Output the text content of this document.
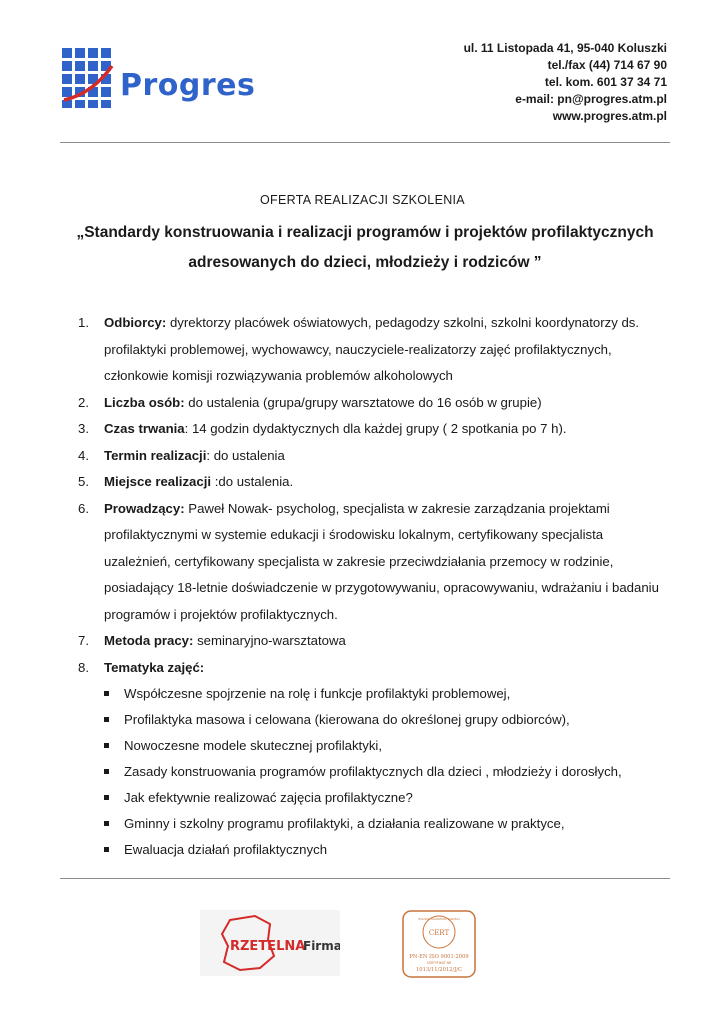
Progres
ul. 11 Listopada 41, 95-040 Koluszki
tel./fax (44) 714 67 90
tel. kom. 601 37 34 71
e-mail: pn@progres.atm.pl
www.progres.atm.pl
OFERTA REALIZACJI SZKOLENIA
„Standardy konstruowania i realizacji programów i projektów profilaktycznych
adresowanych do dzieci, młodzieży i rodziców ”
1. Odbiorcy: dyrektorzy placówek oświatowych, pedagodzy szkolni, szkolni koordynatorzy ds.
profilaktyki problemowej, wychowawcy, nauczyciele-realizatorzy zajęć profilaktycznych,
członkowie komisji rozwiązywania problemów alkoholowych
2. Liczba osób: do ustalenia (grupa/grupy warsztatowe do 16 osób w grupie)
3. Czas trwania: 14 godzin dydaktycznych dla każdej grupy ( 2 spotkania po 7 h).
4. Termin realizacji: do ustalenia
5. Miejsce realizacji :do ustalenia.
6. Prowadzący: Paweł Nowak- psycholog, specjalista w zakresie zarządzania projektami
profilaktycznymi w systemie edukacji i środowisku lokalnym, certyfikowany specjalista
uzależnień, certyfikowany specjalista w zakresie przeciwdziałania przemocy w rodzinie,
posiadający 18-letnie doświadczenie w przygotowywaniu, opracowywaniu, wdrażaniu i badaniu
programów i projektów profilaktycznych.
7. Metoda pracy: seminaryjno-warsztatowa
8. Tematyka zajęć:
Współczesne spojrzenie na rolę i funkcje profilaktyki problemowej,
Profilaktyka masowa i celowana (kierowana do określonej grupy odbiorców),
Nowoczesne modele skutecznej profilaktyki,
Zasady konstruowania programów profilaktycznych dla dzieci , młodzieży i dorosłych,
Jak efektywnie realizować zajęcia profilaktyczne?
Gminny i szkolny programu profilaktyki, a działania realizowane w praktyce,
Ewaluacja działań profilaktycznych
RZETELNA
Firma
POLSKA AKADEMIA JAKOŚCI
CERT
PN-EN ISO 9001:2009
CERTYFIKAT NR
1013/11/2012/J/C
